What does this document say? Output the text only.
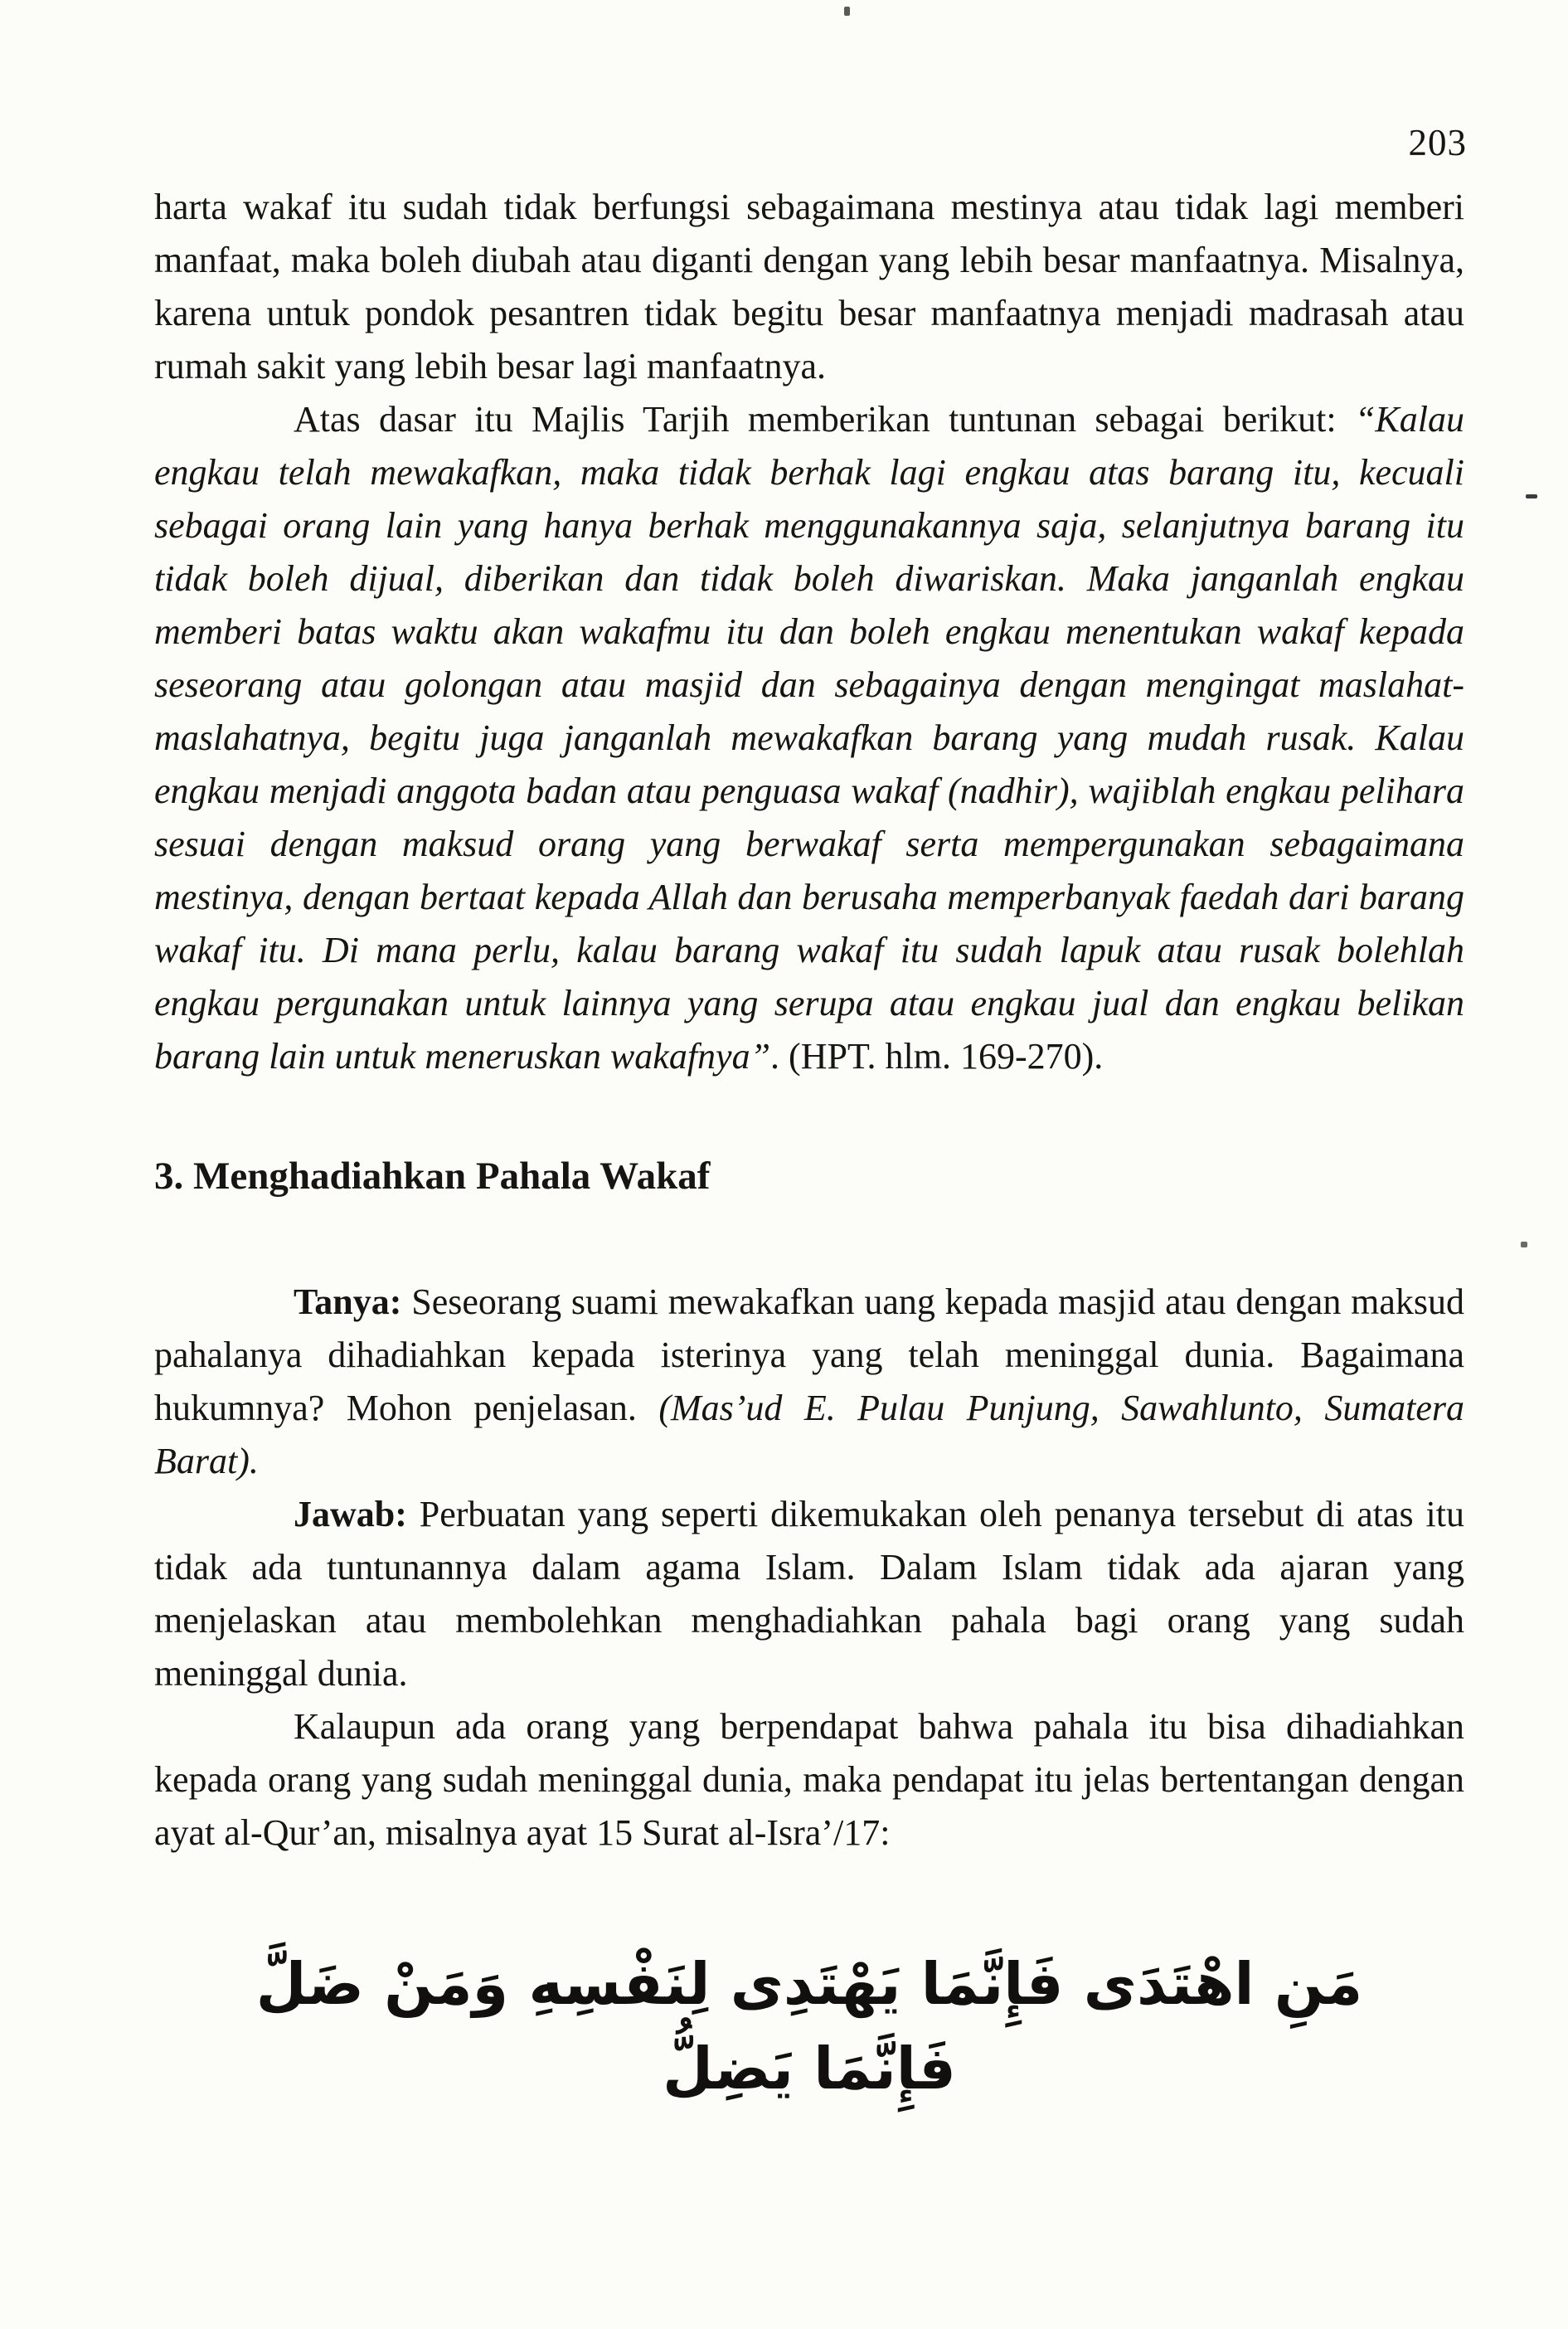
203

harta wakaf itu sudah tidak berfungsi sebagaimana mestinya atau tidak lagi memberi manfaat, maka boleh diubah atau diganti dengan yang lebih besar manfaatnya. Misalnya, karena untuk pondok pesantren tidak begitu besar manfaatnya menjadi madrasah atau rumah sakit yang lebih besar lagi manfaatnya.

Atas dasar itu Majlis Tarjih memberikan tuntunan sebagai berikut: “Kalau engkau telah mewakafkan, maka tidak berhak lagi engkau atas barang itu, kecuali sebagai orang lain yang hanya berhak menggunakannya saja, selanjutnya barang itu tidak boleh dijual, diberikan dan tidak boleh diwariskan. Maka janganlah engkau memberi batas waktu akan wakafmu itu dan boleh engkau menentukan wakaf kepada seseorang atau golongan atau masjid dan sebagainya dengan mengingat maslahat-maslahatnya, begitu juga janganlah mewakafkan barang yang mudah rusak. Kalau engkau menjadi anggota badan atau penguasa wakaf (nadhir), wajiblah engkau pelihara sesuai dengan maksud orang yang berwakaf serta mempergunakan sebagaimana mestinya, dengan bertaat kepada Allah dan berusaha memperbanyak faedah dari barang wakaf itu. Di mana perlu, kalau barang wakaf itu sudah lapuk atau rusak bolehlah engkau pergunakan untuk lainnya yang serupa atau engkau jual dan engkau belikan barang lain untuk meneruskan wakafnya”. (HPT. hlm. 169-270).

3. Menghadiahkan Pahala Wakaf

Tanya: Seseorang suami mewakafkan uang kepada masjid atau dengan maksud pahalanya dihadiahkan kepada isterinya yang telah meninggal dunia. Bagaimana hukumnya? Mohon penjelasan. (Mas’ud E. Pulau Punjung, Sawahlunto, Sumatera Barat).

Jawab: Perbuatan yang seperti dikemukakan oleh penanya tersebut di atas itu tidak ada tuntunannya dalam agama Islam. Dalam Islam tidak ada ajaran yang menjelaskan atau membolehkan menghadiahkan pahala bagi orang yang sudah meninggal dunia.

Kalaupun ada orang yang berpendapat bahwa pahala itu bisa dihadiahkan kepada orang yang sudah meninggal dunia, maka pendapat itu jelas bertentangan dengan ayat al-Qur’an, misalnya ayat 15 Surat al-Isra’/17:

مَنِ اهْتَدَى فَإِنَّمَا يَهْتَدِى لِنَفْسِهِ وَمَنْ ضَلَّ فَإِنَّمَا يَضِلُّ
